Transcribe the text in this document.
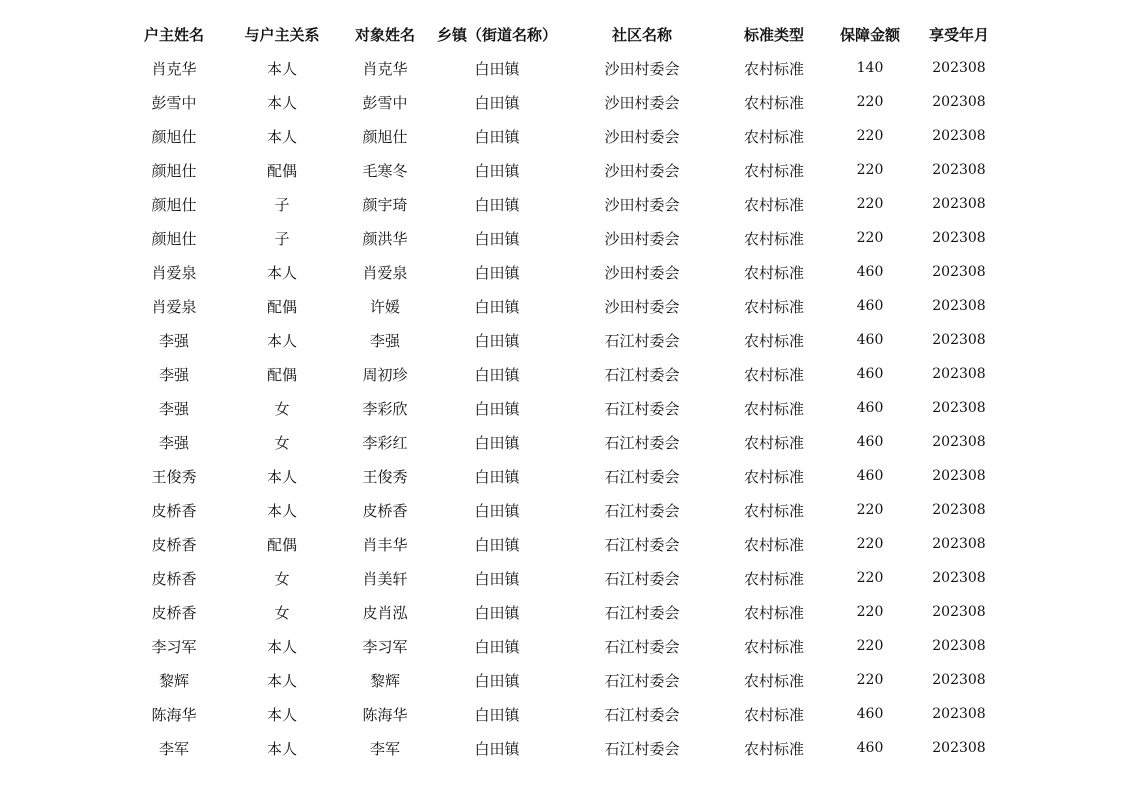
户主姓名	与户主关系	对象姓名	乡镇（街道名称）	社区名称	标准类型	保障金额	享受年月
肖克华	本人	肖克华	白田镇	沙田村委会	农村标准	140	202308
彭雪中	本人	彭雪中	白田镇	沙田村委会	农村标准	220	202308
颜旭仕	本人	颜旭仕	白田镇	沙田村委会	农村标准	220	202308
颜旭仕	配偶	毛寒冬	白田镇	沙田村委会	农村标准	220	202308
颜旭仕	子	颜宇琦	白田镇	沙田村委会	农村标准	220	202308
颜旭仕	子	颜洪华	白田镇	沙田村委会	农村标准	220	202308
肖爱泉	本人	肖爱泉	白田镇	沙田村委会	农村标准	460	202308
肖爱泉	配偶	许媛	白田镇	沙田村委会	农村标准	460	202308
李强	本人	李强	白田镇	石江村委会	农村标准	460	202308
李强	配偶	周初珍	白田镇	石江村委会	农村标准	460	202308
李强	女	李彩欣	白田镇	石江村委会	农村标准	460	202308
李强	女	李彩红	白田镇	石江村委会	农村标准	460	202308
王俊秀	本人	王俊秀	白田镇	石江村委会	农村标准	460	202308
皮桥香	本人	皮桥香	白田镇	石江村委会	农村标准	220	202308
皮桥香	配偶	肖丰华	白田镇	石江村委会	农村标准	220	202308
皮桥香	女	肖美轩	白田镇	石江村委会	农村标准	220	202308
皮桥香	女	皮肖泓	白田镇	石江村委会	农村标准	220	202308
李习军	本人	李习军	白田镇	石江村委会	农村标准	220	202308
黎辉	本人	黎辉	白田镇	石江村委会	农村标准	220	202308
陈海华	本人	陈海华	白田镇	石江村委会	农村标准	460	202308
李军	本人	李军	白田镇	石江村委会	农村标准	460	202308
